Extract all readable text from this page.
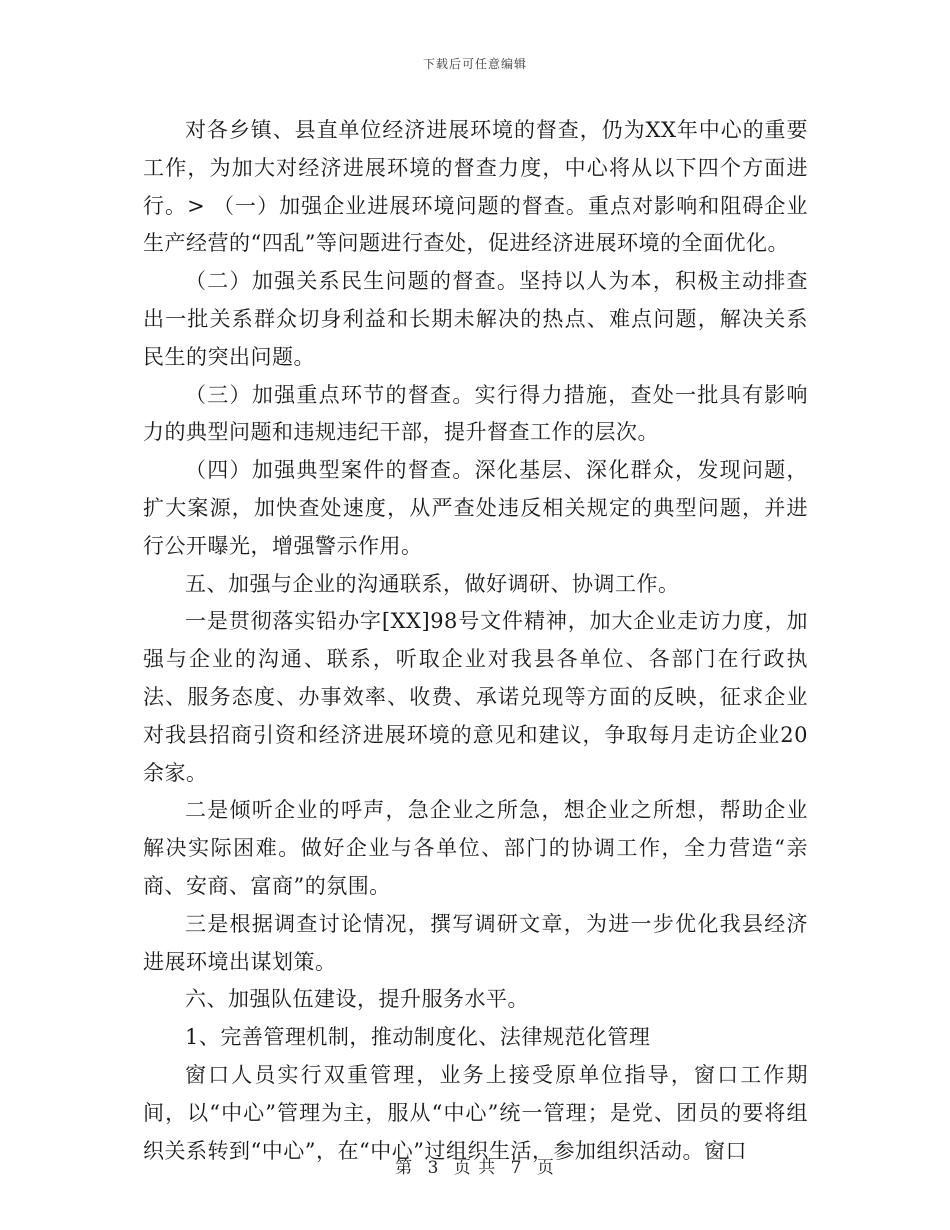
下载后可任意编辑

对各乡镇、县直单位经济进展环境的督查，仍为XX年中心的重要工作，为加大对经济进展环境的督查力度，中心将从以下四个方面进行。> （一）加强企业进展环境问题的督查。重点对影响和阻碍企业生产经营的“四乱”等问题进行查处，促进经济进展环境的全面优化。

（二）加强关系民生问题的督查。坚持以人为本，积极主动排查出一批关系群众切身利益和长期未解决的热点、难点问题，解决关系民生的突出问题。

（三）加强重点环节的督查。实行得力措施，查处一批具有影响力的典型问题和违规违纪干部，提升督查工作的层次。

（四）加强典型案件的督查。深化基层、深化群众，发现问题，扩大案源，加快查处速度，从严查处违反相关规定的典型问题，并进行公开曝光，增强警示作用。

五、加强与企业的沟通联系，做好调研、协调工作。

一是贯彻落实铅办字[XX]98号文件精神，加大企业走访力度，加强与企业的沟通、联系，听取企业对我县各单位、各部门在行政执法、服务态度、办事效率、收费、承诺兑现等方面的反映，征求企业对我县招商引资和经济进展环境的意见和建议，争取每月走访企业20余家。

二是倾听企业的呼声，急企业之所急，想企业之所想，帮助企业解决实际困难。做好企业与各单位、部门的协调工作，全力营造“亲商、安商、富商”的氛围。

三是根据调查讨论情况，撰写调研文章，为进一步优化我县经济进展环境出谋划策。

六、加强队伍建设，提升服务水平。

1、完善管理机制，推动制度化、法律规范化管理

窗口人员实行双重管理，业务上接受原单位指导，窗口工作期间，以“中心”管理为主，服从“中心”统一管理；是党、团员的要将组织关系转到“中心”，在“中心”过组织生活，参加组织活动。窗口

第 3 页 共 7 页
